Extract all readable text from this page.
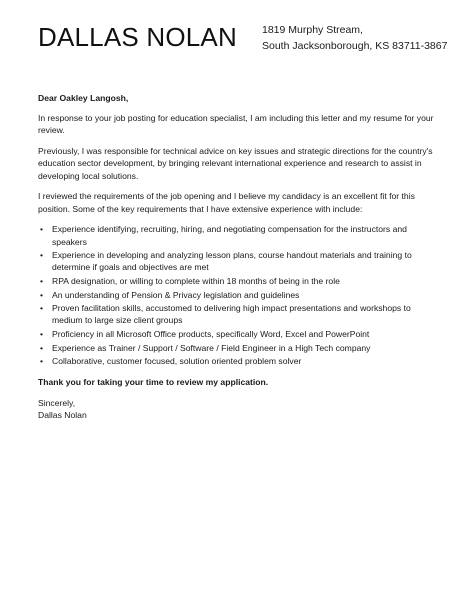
DALLAS NOLAN 1819 Murphy Stream,
South Jacksonborough, KS 83711-3867

Dear Oakley Langosh,

In response to your job posting for education specialist, I am including this letter and my resume for your review.

Previously, I was responsible for technical advice on key issues and strategic directions for the country's education sector development, by bringing relevant international experience and research to assist in developing local solutions.

I reviewed the requirements of the job opening and I believe my candidacy is an excellent fit for this position. Some of the key requirements that I have extensive experience with include:

• Experience identifying, recruiting, hiring, and negotiating compensation for the instructors and speakers
• Experience in developing and analyzing lesson plans, course handout materials and training to determine if goals and objectives are met
• RPA designation, or willing to complete within 18 months of being in the role
• An understanding of Pension & Privacy legislation and guidelines
• Proven facilitation skills, accustomed to delivering high impact presentations and workshops to medium to large size client groups
• Proficiency in all Microsoft Office products, specifically Word, Excel and PowerPoint
• Experience as Trainer / Support / Software / Field Engineer in a High Tech company
• Collaborative, customer focused, solution oriented problem solver

Thank you for taking your time to review my application.

Sincerely,
Dallas Nolan
